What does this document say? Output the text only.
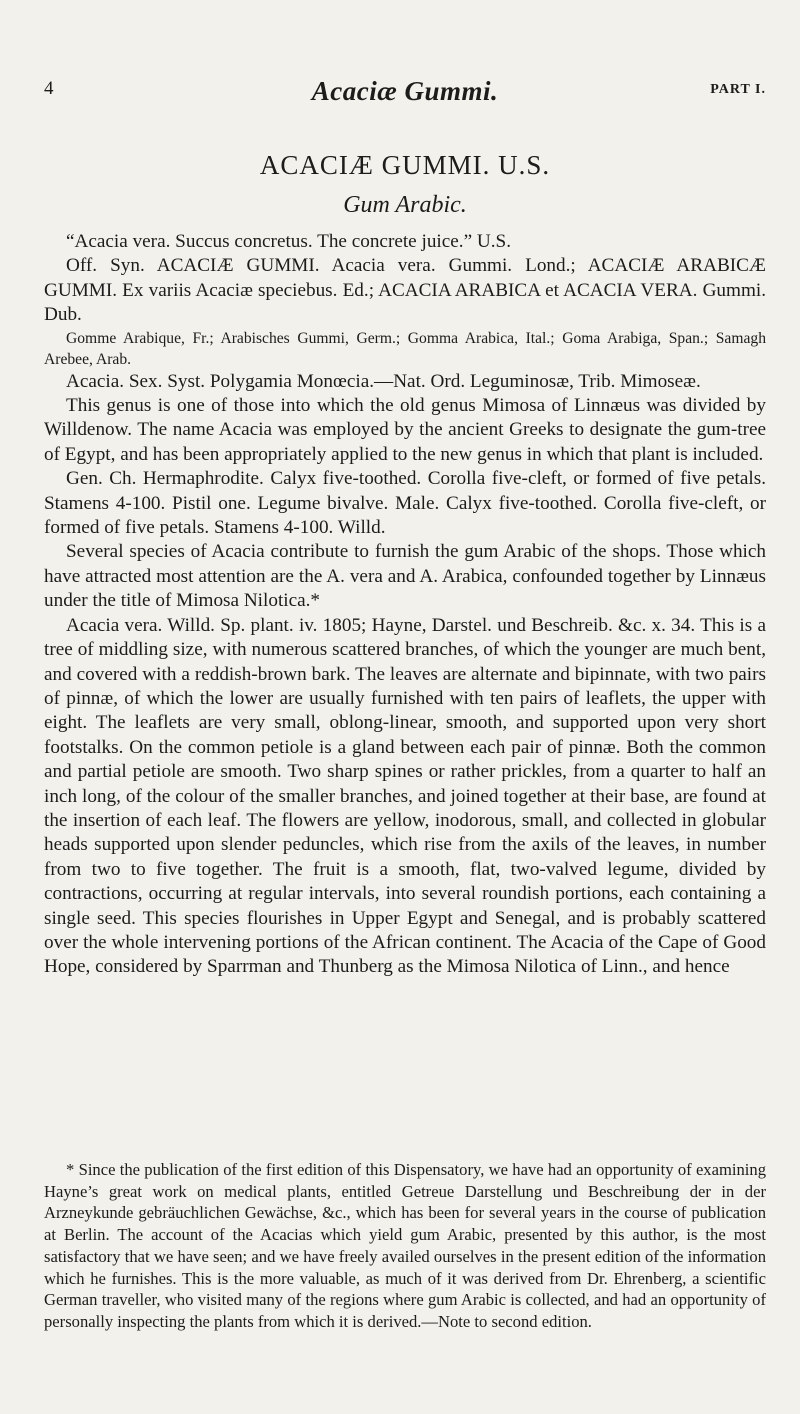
4	Acaciæ Gummi.	PART I.
ACACIÆ GUMMI. U.S.
Gum Arabic.

“Acacia vera. Succus concretus. The concrete juice.” U.S.

Off. Syn. ACACIÆ GUMMI. Acacia vera. Gummi. Lond.; ACACIÆ ARABICÆ GUMMI. Ex variis Acaciæ speciebus. Ed.; ACACIA ARABICA et ACACIA VERA. Gummi. Dub.

Gomme Arabique, Fr.; Arabisches Gummi, Germ.; Gomma Arabica, Ital.; Goma Arabiga, Span.; Samagh Arebee, Arab.

Acacia. Sex. Syst. Polygamia Monœcia.—Nat. Ord. Leguminosæ, Trib. Mimoseæ.

This genus is one of those into which the old genus Mimosa of Linnæus was divided by Willdenow. The name Acacia was employed by the ancient Greeks to designate the gum-tree of Egypt, and has been appropriately applied to the new genus in which that plant is included.

Gen. Ch. Hermaphrodite. Calyx five-toothed. Corolla five-cleft, or formed of five petals. Stamens 4-100. Pistil one. Legume bivalve. Male. Calyx five-toothed. Corolla five-cleft, or formed of five petals. Stamens 4-100. Willd.

Several species of Acacia contribute to furnish the gum Arabic of the shops. Those which have attracted most attention are the A. vera and A. Arabica, confounded together by Linnæus under the title of Mimosa Nilotica.*

Acacia vera. Willd. Sp. plant. iv. 1805; Hayne, Darstel. und Beschreib. &c. x. 34. This is a tree of middling size, with numerous scattered branches, of which the younger are much bent, and covered with a reddish-brown bark. The leaves are alternate and bipinnate, with two pairs of pinnæ, of which the lower are usually furnished with ten pairs of leaflets, the upper with eight. The leaflets are very small, oblong-linear, smooth, and supported upon very short footstalks. On the common petiole is a gland between each pair of pinnæ. Both the common and partial petiole are smooth. Two sharp spines or rather prickles, from a quarter to half an inch long, of the colour of the smaller branches, and joined together at their base, are found at the insertion of each leaf. The flowers are yellow, inodorous, small, and collected in globular heads supported upon slender peduncles, which rise from the axils of the leaves, in number from two to five together. The fruit is a smooth, flat, two-valved legume, divided by contractions, occurring at regular intervals, into several roundish portions, each containing a single seed. This species flourishes in Upper Egypt and Senegal, and is probably scattered over the whole intervening portions of the African continent. The Acacia of the Cape of Good Hope, considered by Sparrman and Thunberg as the Mimosa Nilotica of Linn., and hence

* Since the publication of the first edition of this Dispensatory, we have had an opportunity of examining Hayne’s great work on medical plants, entitled Getreue Darstellung und Beschreibung der in der Arzneykunde gebräuchlichen Gewächse, &c., which has been for several years in the course of publication at Berlin. The account of the Acacias which yield gum Arabic, presented by this author, is the most satisfactory that we have seen; and we have freely availed ourselves in the present edition of the information which he furnishes. This is the more valuable, as much of it was derived from Dr. Ehrenberg, a scientific German traveller, who visited many of the regions where gum Arabic is collected, and had an opportunity of personally inspecting the plants from which it is derived.—Note to second edition.
